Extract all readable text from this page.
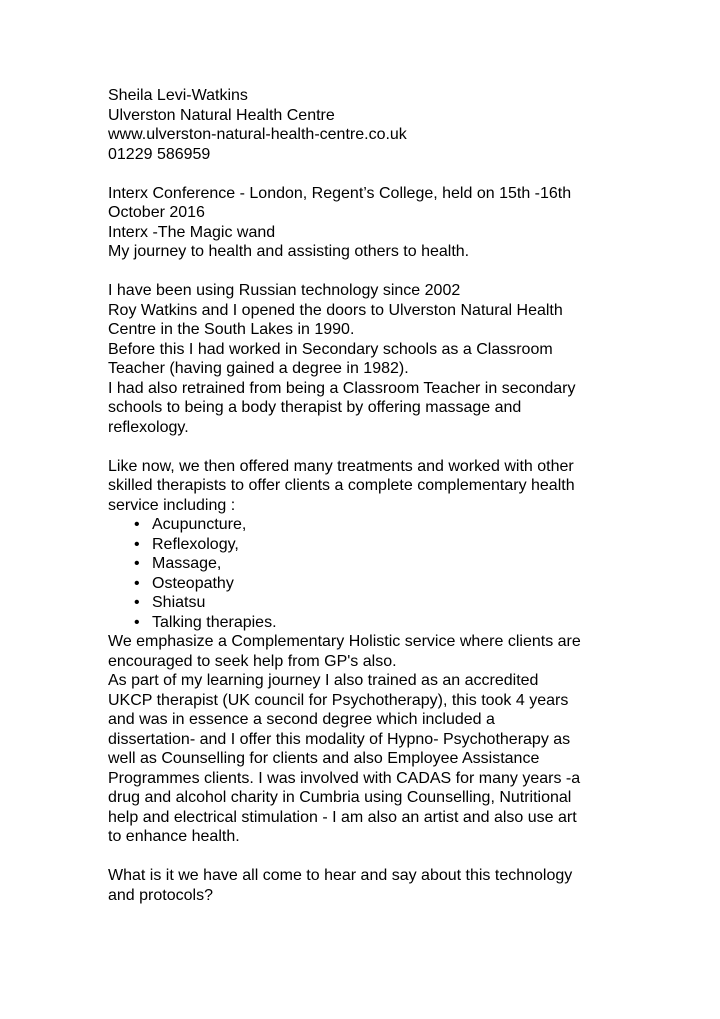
Sheila Levi-Watkins
Ulverston Natural Health Centre
www.ulverston-natural-health-centre.co.uk
01229 586959
Interx Conference - London, Regent’s College, held on 15th -16th
October 2016
Interx -The Magic wand
My journey to health and assisting others to health.
I have been using Russian technology since 2002
Roy Watkins and I opened the doors to Ulverston Natural Health
Centre in the South Lakes in 1990.
Before this I had worked in Secondary schools as a Classroom
Teacher (having gained a degree in 1982).
I had also retrained from being a Classroom Teacher in secondary
schools to being a body therapist by offering massage and
reflexology.
Like now, we then offered many treatments and worked with other
skilled therapists to offer clients a complete complementary health
service including :
• Acupuncture,
• Reflexology,
• Massage,
• Osteopathy
• Shiatsu
• Talking therapies.
We emphasize a Complementary Holistic service where clients are
encouraged to seek help from GP's also.
As part of my learning journey I also trained as an accredited
UKCP therapist (UK council for Psychotherapy), this took 4 years
and was in essence a second degree which included a
dissertation- and I offer this modality of Hypno- Psychotherapy as
well as Counselling for clients and also Employee Assistance
Programmes clients. I was involved with CADAS for many years -a
drug and alcohol charity in Cumbria using Counselling, Nutritional
help and electrical stimulation - I am also an artist and also use art
to enhance health.
What is it we have all come to hear and say about this technology
and protocols?
